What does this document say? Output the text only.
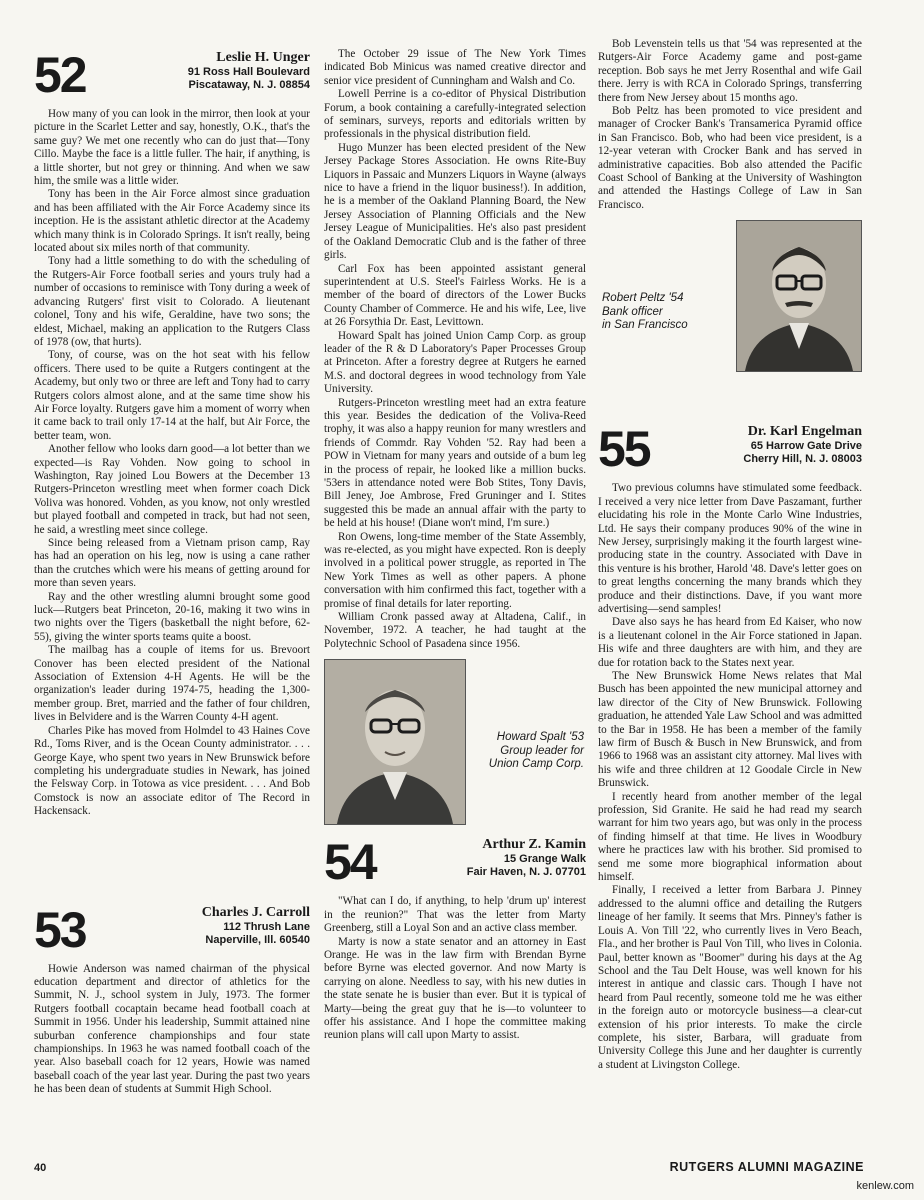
52	Leslie H. Unger
91 Ross Hall Boulevard
Piscataway, N. J. 08854

How many of you can look in the mirror, then look at your picture in the Scarlet Letter and say, honestly, O.K., that's the same guy? We met one recently who can do just that—Tony Cillo. Maybe the face is a little fuller. The hair, if anything, is a little shorter, but not grey or thinning. And when we saw him, the smile was a little wider.

Tony has been in the Air Force almost since graduation and has been affiliated with the Air Force Academy since its inception. He is the assistant athletic director at the Academy which many think is in Colorado Springs. It isn't really, being located about six miles north of that community.

Tony had a little something to do with the scheduling of the Rutgers-Air Force football series and yours truly had a number of occasions to reminisce with Tony during a week of advancing Rutgers' first visit to Colorado. A lieutenant colonel, Tony and his wife, Geraldine, have two sons; the eldest, Michael, making an application to the Rutgers Class of 1978 (ow, that hurts).

Tony, of course, was on the hot seat with his fellow officers. There used to be quite a Rutgers contingent at the Academy, but only two or three are left and Tony had to carry Rutgers colors almost alone, and at the same time show his Air Force loyalty. Rutgers gave him a moment of worry when it came back to trail only 17-14 at the half, but Air Force, the better team, won.

Another fellow who looks darn good—a lot better than we expected—is Ray Vohden. Now going to school in Washington, Ray joined Lou Bowers at the December 13 Rutgers-Princeton wrestling meet when former coach Dick Voliva was honored. Vohden, as you know, not only wrestled but played football and competed in track, but had not seen, he said, a wrestling meet since college.

Since being released from a Vietnam prison camp, Ray has had an operation on his leg, now is using a cane rather than the crutches which were his means of getting around for more than seven years.

Ray and the other wrestling alumni brought some good luck—Rutgers beat Princeton, 20-16, making it two wins in two nights over the Tigers (basketball the night before, 62-55), giving the winter sports teams quite a boost.

The mailbag has a couple of items for us. Brevoort Conover has been elected president of the National Association of Extension 4-H Agents. He will be the organization's leader during 1974-75, heading the 1,300-member group. Bret, married and the father of four children, lives in Belvidere and is the Warren County 4-H agent.

Charles Pike has moved from Holmdel to 43 Haines Cove Rd., Toms River, and is the Ocean County administrator. . . . George Kaye, who spent two years in New Brunswick before completing his undergraduate studies in Newark, has joined the Felsway Corp. in Totowa as vice president. . . . And Bob Comstock is now an associate editor of The Record in Hackensack.

53	Charles J. Carroll
112 Thrush Lane
Naperville, Ill. 60540

Howie Anderson was named chairman of the physical education department and director of athletics for the Summit, N. J., school system in July, 1973. The former Rutgers football cocaptain became head football coach at Summit in 1956. Under his leadership, Summit attained nine suburban conference championships and four state championships. In 1963 he was named football coach of the year. Also baseball coach for 12 years, Howie was named baseball coach of the year last year. During the past two years he has been dean of students at Summit High School.

The October 29 issue of The New York Times indicated Bob Minicus was named creative director and senior vice president of Cunningham and Walsh and Co.

Lowell Perrine is a co-editor of Physical Distribution Forum, a book containing a carefully-integrated selection of seminars, surveys, reports and editorials written by professionals in the physical distribution field.

Hugo Munzer has been elected president of the New Jersey Package Stores Association. He owns Rite-Buy Liquors in Passaic and Munzers Liquors in Wayne (always nice to have a friend in the liquor business!). In addition, he is a member of the Oakland Planning Board, the New Jersey Association of Planning Officials and the New Jersey League of Municipalities. He's also past president of the Oakland Democratic Club and is the father of three girls.

Carl Fox has been appointed assistant general superintendent at U.S. Steel's Fairless Works. He is a member of the board of directors of the Lower Bucks County Chamber of Commerce. He and his wife, Lee, live at 26 Forsythia Dr. East, Levittown.

Howard Spalt has joined Union Camp Corp. as group leader of the R & D Laboratory's Paper Processes Group at Princeton. After a forestry degree at Rutgers he earned M.S. and doctoral degrees in wood technology from Yale University.

Rutgers-Princeton wrestling meet had an extra feature this year. Besides the dedication of the Voliva-Reed trophy, it was also a happy reunion for many wrestlers and friends of Commdr. Ray Vohden '52. Ray had been a POW in Vietnam for many years and outside of a bum leg in the process of repair, he looked like a million bucks. '53ers in attendance noted were Bob Stites, Tony Davis, Bill Jeney, Joe Ambrose, Fred Gruninger and I. Stites suggested this be made an annual affair with the party to be held at his house! (Diane won't mind, I'm sure.)

Ron Owens, long-time member of the State Assembly, was re-elected, as you might have expected. Ron is deeply involved in a political power struggle, as reported in The New York Times as well as other papers. A phone conversation with him confirmed this fact, together with a promise of final details for later reporting.

William Cronk passed away at Altadena, Calif., in November, 1972. A teacher, he had taught at the Polytechnic School of Pasadena since 1956.

Howard Spalt '53
Group leader for
Union Camp Corp.
54	Arthur Z. Kamin
15 Grange Walk
Fair Haven, N. J. 07701

"What can I do, if anything, to help 'drum up' interest in the reunion?" That was the letter from Marty Greenberg, still a Loyal Son and an active class member.

Marty is now a state senator and an attorney in East Orange. He was in the law firm with Brendan Byrne before Byrne was elected governor. And now Marty is carrying on alone. Needless to say, with his new duties in the state senate he is busier than ever. But it is typical of Marty—being the great guy that he is—to volunteer to offer his assistance. And I hope the committee making reunion plans will call upon Marty to assist.

Bob Levenstein tells us that '54 was represented at the Rutgers-Air Force Academy game and post-game reception. Bob says he met Jerry Rosenthal and wife Gail there. Jerry is with RCA in Colorado Springs, transferring there from New Jersey about 15 months ago.

Bob Peltz has been promoted to vice president and manager of Crocker Bank's Transamerica Pyramid office in San Francisco. Bob, who had been vice president, is a 12-year veteran with Crocker Bank and has served in administrative capacities. Bob also attended the Pacific Coast School of Banking at the University of Washington and attended the Hastings College of Law in San Francisco.

Robert Peltz '54
Bank officer
in San Francisco
55	Dr. Karl Engelman
65 Harrow Gate Drive
Cherry Hill, N. J. 08003

Two previous columns have stimulated some feedback. I received a very nice letter from Dave Paszamant, further elucidating his role in the Monte Carlo Wine Industries, Ltd. He says their company produces 90% of the wine in New Jersey, surprisingly making it the fourth largest wine-producing state in the country. Associated with Dave in this venture is his brother, Harold '48. Dave's letter goes on to great lengths concerning the many brands which they produce and their distinctions. Dave, if you want more advertising—send samples!

Dave also says he has heard from Ed Kaiser, who now is a lieutenant colonel in the Air Force stationed in Japan. His wife and three daughters are with him, and they are due for rotation back to the States next year.

The New Brunswick Home News relates that Mal Busch has been appointed the new municipal attorney and law director of the City of New Brunswick. Following graduation, he attended Yale Law School and was admitted to the Bar in 1958. He has been a member of the family law firm of Busch & Busch in New Brunswick, and from 1966 to 1968 was an assistant city attorney. Mal lives with his wife and three children at 12 Goodale Circle in New Brunswick.

I recently heard from another member of the legal profession, Sid Granite. He said he had read my search warrant for him two years ago, but was only in the process of finding himself at that time. He lives in Woodbury where he practices law with his brother. Sid promised to send me some more biographical information about himself.

Finally, I received a letter from Barbara J. Pinney addressed to the alumni office and detailing the Rutgers lineage of her family. It seems that Mrs. Pinney's father is Louis A. Von Till '22, who currently lives in Vero Beach, Fla., and her brother is Paul Von Till, who lives in Colonia. Paul, better known as "Boomer" during his days at the Ag School and the Tau Delt House, was well known for his interest in antique and classic cars. Though I have not heard from Paul recently, someone told me he was either in the foreign auto or motorcycle business—a clear-cut extension of his prior interests. To make the circle complete, his sister, Barbara, will graduate from University College this June and her daughter is currently a student at Livingston College.

40	RUTGERS ALUMNI MAGAZINE
kenlew.com
